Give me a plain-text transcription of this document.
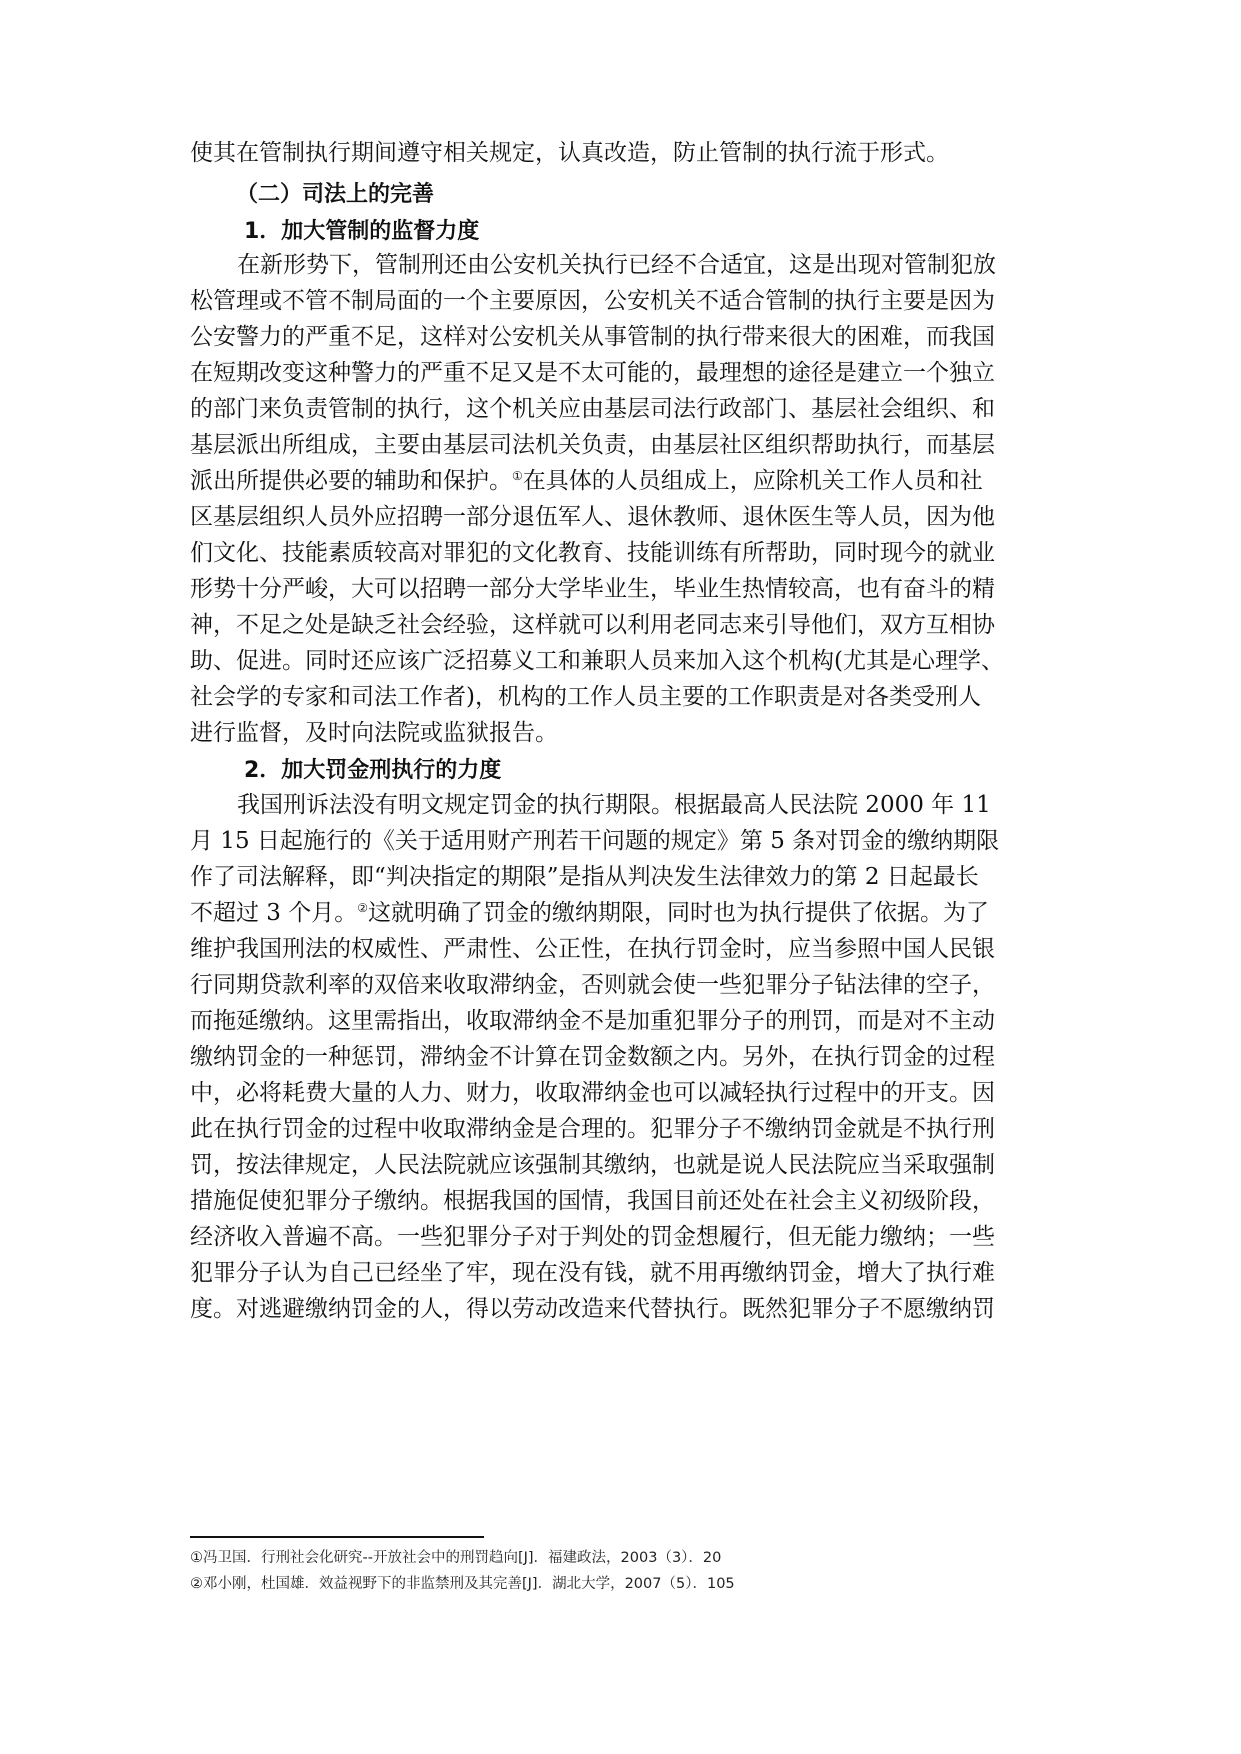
使其在管制执行期间遵守相关规定，认真改造，防止管制的执行流于形式。
（二）司法上的完善
1．加大管制的监督力度
在新形势下，管制刑还由公安机关执行已经不合适宜，这是出现对管制犯放
松管理或不管不制局面的一个主要原因，公安机关不适合管制的执行主要是因为
公安警力的严重不足，这样对公安机关从事管制的执行带来很大的困难，而我国
在短期改变这种警力的严重不足又是不太可能的，最理想的途径是建立一个独立
的部门来负责管制的执行，这个机关应由基层司法行政部门、基层社会组织、和
基层派出所组成，主要由基层司法机关负责，由基层社区组织帮助执行，而基层
派出所提供必要的辅助和保护。①在具体的人员组成上，应除机关工作人员和社
区基层组织人员外应招聘一部分退伍军人、退休教师、退休医生等人员，因为他
们文化、技能素质较高对罪犯的文化教育、技能训练有所帮助，同时现今的就业
形势十分严峻，大可以招聘一部分大学毕业生，毕业生热情较高，也有奋斗的精
神，不足之处是缺乏社会经验，这样就可以利用老同志来引导他们，双方互相协
助、促进。同时还应该广泛招募义工和兼职人员来加入这个机构(尤其是心理学、
社会学的专家和司法工作者)，机构的工作人员主要的工作职责是对各类受刑人
进行监督，及时向法院或监狱报告。
2．加大罚金刑执行的力度
我国刑诉法没有明文规定罚金的执行期限。根据最高人民法院 2000 年 11
月 15 日起施行的《关于适用财产刑若干问题的规定》第 5 条对罚金的缴纳期限
作了司法解释，即“判决指定的期限”是指从判决发生法律效力的第 2 日起最长
不超过 3 个月。②这就明确了罚金的缴纳期限，同时也为执行提供了依据。为了
维护我国刑法的权威性、严肃性、公正性，在执行罚金时，应当参照中国人民银
行同期贷款利率的双倍来收取滞纳金，否则就会使一些犯罪分子钻法律的空子，
而拖延缴纳。这里需指出，收取滞纳金不是加重犯罪分子的刑罚，而是对不主动
缴纳罚金的一种惩罚，滞纳金不计算在罚金数额之内。另外，在执行罚金的过程
中，必将耗费大量的人力、财力，收取滞纳金也可以减轻执行过程中的开支。因
此在执行罚金的过程中收取滞纳金是合理的。犯罪分子不缴纳罚金就是不执行刑
罚，按法律规定，人民法院就应该强制其缴纳，也就是说人民法院应当采取强制
措施促使犯罪分子缴纳。根据我国的国情，我国目前还处在社会主义初级阶段，
经济收入普遍不高。一些犯罪分子对于判处的罚金想履行，但无能力缴纳；一些
犯罪分子认为自己已经坐了牢，现在没有钱，就不用再缴纳罚金，增大了执行难
度。对逃避缴纳罚金的人，得以劳动改造来代替执行。既然犯罪分子不愿缴纳罚
①冯卫国．行刑社会化研究--开放社会中的刑罚趋向[J]．福建政法，2003（3）．20
②邓小刚，杜国雄．效益视野下的非监禁刑及其完善[J]．湖北大学，2007（5）．105
